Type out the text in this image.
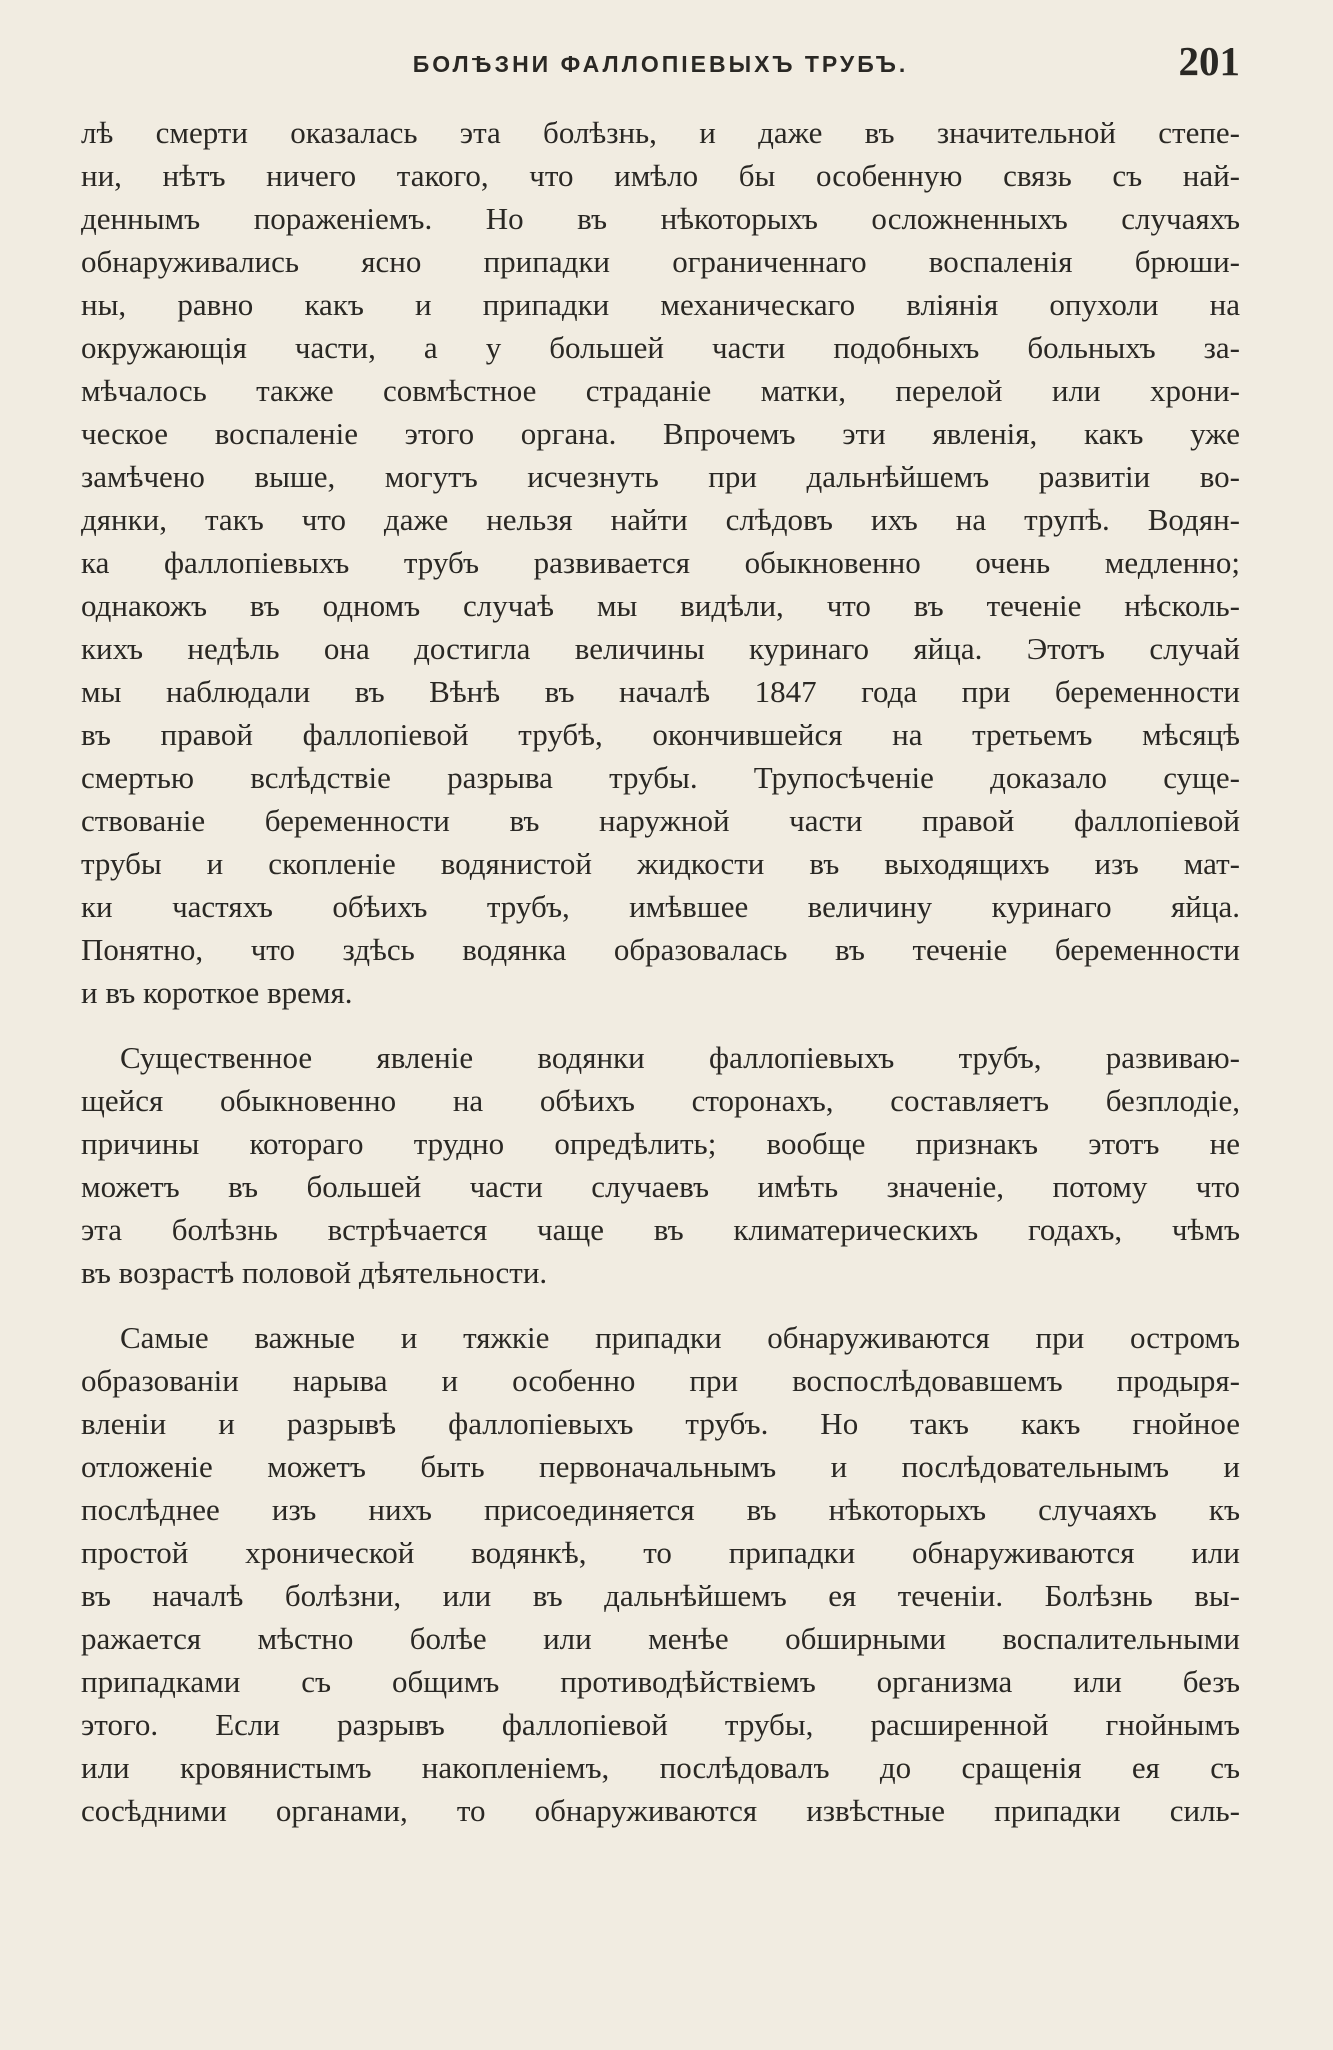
БОЛѢЗНИ ФАЛЛОПІЕВЫХЪ ТРУБЪ.	201
лѣ смерти оказалась эта болѣзнь, и даже въ значительной степе-
ни, нѣтъ ничего такого, что имѣло бы особенную связь съ най-
деннымъ пораженiемъ. Но въ нѣкоторыхъ осложненныхъ случаяхъ
обнаруживались ясно припадки ограниченнаго воспаленiя брюши-
ны, равно какъ и припадки механическаго влiянiя опухоли на
окружающiя части, а у большей части подобныхъ больныхъ за-
мѣчалось также совмѣстное страданiе матки, перелой или хрони-
ческое воспаленiе этого органа. Впрочемъ эти явленiя, какъ уже
замѣчено выше, могутъ исчезнуть при дальнѣйшемъ развитiи во-
дянки, такъ что даже нельзя найти слѣдовъ ихъ на трупѣ. Водян-
ка фаллопiевыхъ трубъ развивается обыкновенно очень медленно;
однакожъ въ одномъ случаѣ мы видѣли, что въ теченiе нѣсколь-
кихъ недѣль она достигла величины куринаго яйца. Этотъ случай
мы наблюдали въ Вѣнѣ въ началѣ 1847 года при беременности
въ правой фаллопiевой трубѣ, окончившейся на третьемъ мѣсяцѣ
смертью вслѣдствiе разрыва трубы. Трупосѣченiе доказало суще-
ствованiе беременности въ наружной части правой фаллопiевой
трубы и скопленiе водянистой жидкости въ выходящихъ изъ мат-
ки частяхъ обѣихъ трубъ, имѣвшее величину куринаго яйца.
Понятно, что здѣсь водянка образовалась въ теченiе беременности
и въ короткое время.
Существенное явленiе водянки фаллопiевыхъ трубъ, развиваю-
щейся обыкновенно на обѣихъ сторонахъ, составляетъ безплодiе,
причины котораго трудно опредѣлить; вообще признакъ этотъ не
можетъ въ большей части случаевъ имѣть значенiе, потому что
эта болѣзнь встрѣчается чаще въ климатерическихъ годахъ, чѣмъ
въ возрастѣ половой дѣятельности.
Самые важные и тяжкiе припадки обнаруживаются при остромъ
образованiи нарыва и особенно при воспослѣдовавшемъ продыря-
вленiи и разрывѣ фаллопiевыхъ трубъ. Но такъ какъ гнойное
отложенiе можетъ быть первоначальнымъ и послѣдовательнымъ и
послѣднее изъ нихъ присоединяется въ нѣкоторыхъ случаяхъ къ
простой хронической водянкѣ, то припадки обнаруживаются или
въ началѣ болѣзни, или въ дальнѣйшемъ ея теченiи. Болѣзнь вы-
ражается мѣстно болѣе или менѣе обширными воспалительными
припадками съ общимъ противодѣйствiемъ организма или безъ
этого. Если разрывъ фаллопiевой трубы, расширенной гнойнымъ
или кровянистымъ накопленiемъ, послѣдовалъ до сращенiя ея съ
сосѣдними органами, то обнаруживаются извѣстные припадки силь-
